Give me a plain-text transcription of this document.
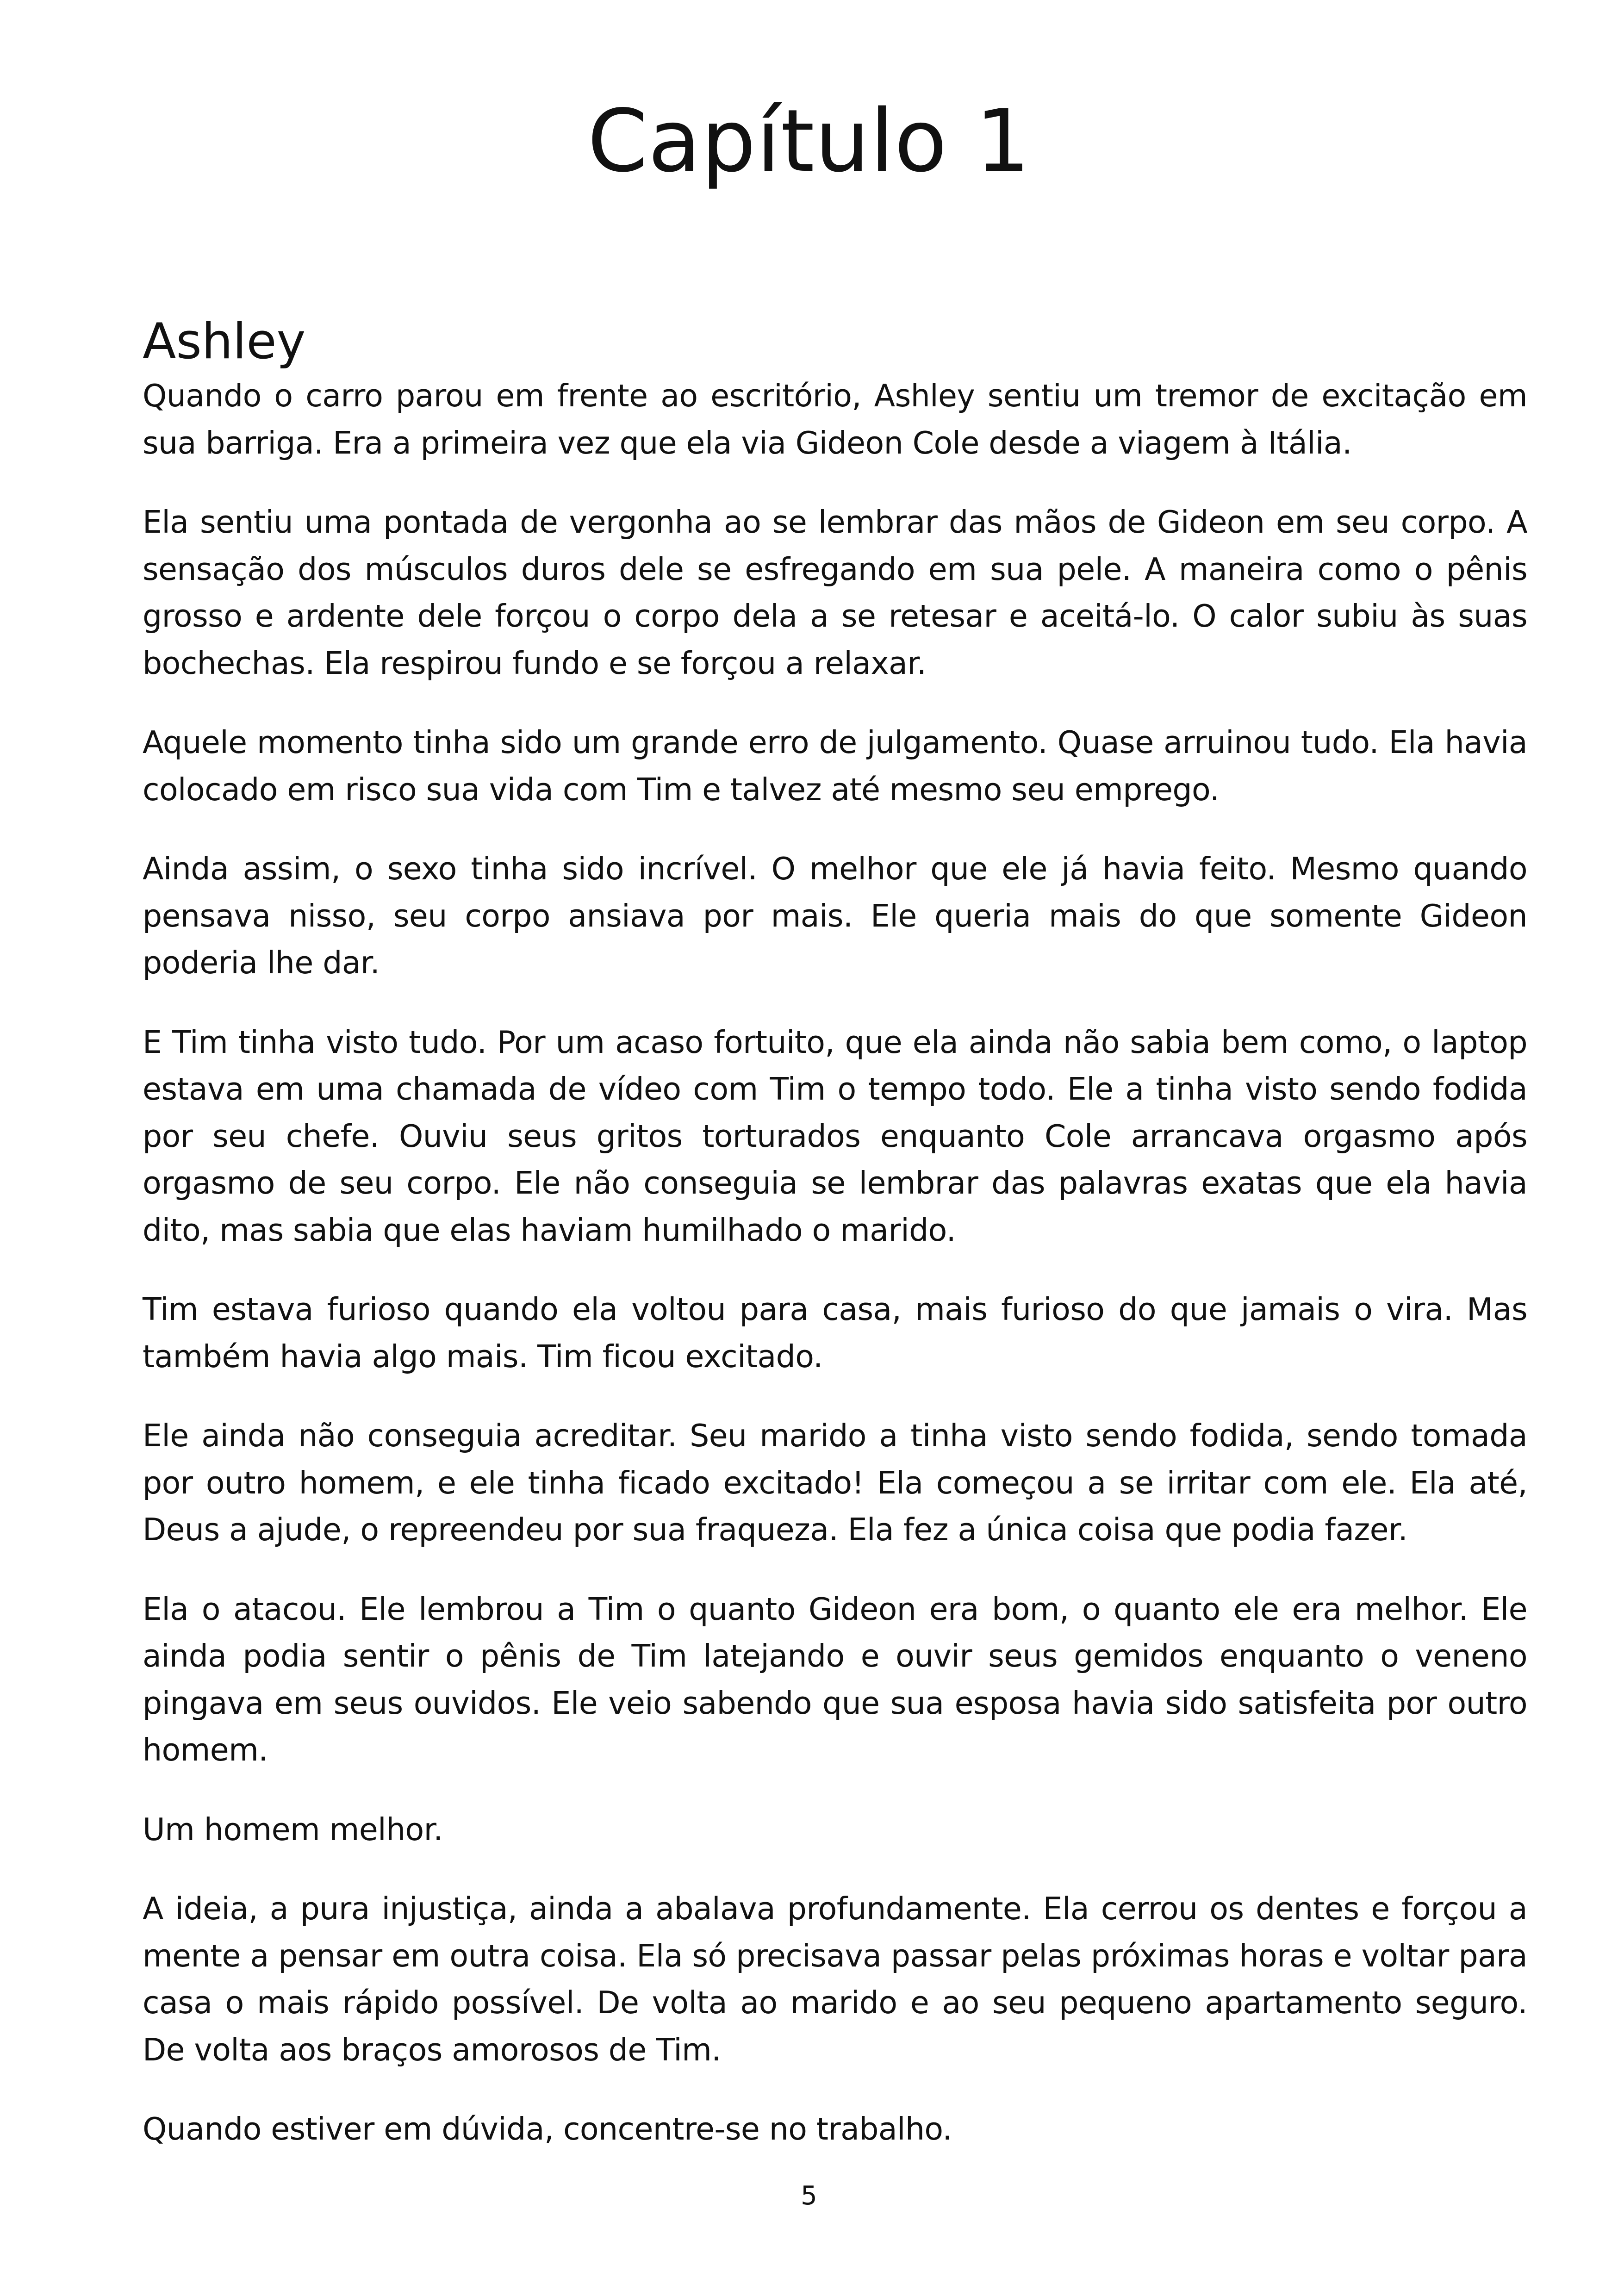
Capítulo 1
Ashley

Quando o carro parou em frente ao escritório, Ashley sentiu um tremor de excitação em sua barriga. Era a primeira vez que ela via Gideon Cole desde a viagem à Itália.

Ela sentiu uma pontada de vergonha ao se lembrar das mãos de Gideon em seu corpo. A sensação dos músculos duros dele se esfregando em sua pele. A maneira como o pênis grosso e ardente dele forçou o corpo dela a se retesar e aceitá-lo. O calor subiu às suas bochechas. Ela respirou fundo e se forçou a relaxar.

Aquele momento tinha sido um grande erro de julgamento. Quase arruinou tudo. Ela havia colocado em risco sua vida com Tim e talvez até mesmo seu emprego.

Ainda assim, o sexo tinha sido incrível. O melhor que ele já havia feito. Mesmo quando pensava nisso, seu corpo ansiava por mais. Ele queria mais do que somente Gideon poderia lhe dar.

E Tim tinha visto tudo. Por um acaso fortuito, que ela ainda não sabia bem como, o laptop estava em uma chamada de vídeo com Tim o tempo todo. Ele a tinha visto sendo fodida por seu chefe. Ouviu seus gritos torturados enquanto Cole arrancava orgasmo após orgasmo de seu corpo. Ele não conseguia se lembrar das palavras exatas que ela havia dito, mas sabia que elas haviam humilhado o marido.

Tim estava furioso quando ela voltou para casa, mais furioso do que jamais o vira. Mas também havia algo mais. Tim ficou excitado.

Ele ainda não conseguia acreditar. Seu marido a tinha visto sendo fodida, sendo tomada por outro homem, e ele tinha ficado excitado! Ela começou a se irritar com ele. Ela até, Deus a ajude, o repreendeu por sua fraqueza. Ela fez a única coisa que podia fazer.

Ela o atacou. Ele lembrou a Tim o quanto Gideon era bom, o quanto ele era melhor. Ele ainda podia sentir o pênis de Tim latejando e ouvir seus gemidos enquanto o veneno pingava em seus ouvidos. Ele veio sabendo que sua esposa havia sido satisfeita por outro homem.

Um homem melhor.

A ideia, a pura injustiça, ainda a abalava profundamente. Ela cerrou os dentes e forçou a mente a pensar em outra coisa. Ela só precisava passar pelas próximas horas e voltar para casa o mais rápido possível. De volta ao marido e ao seu pequeno apartamento seguro. De volta aos braços amorosos de Tim.

Quando estiver em dúvida, concentre-se no trabalho.

5
